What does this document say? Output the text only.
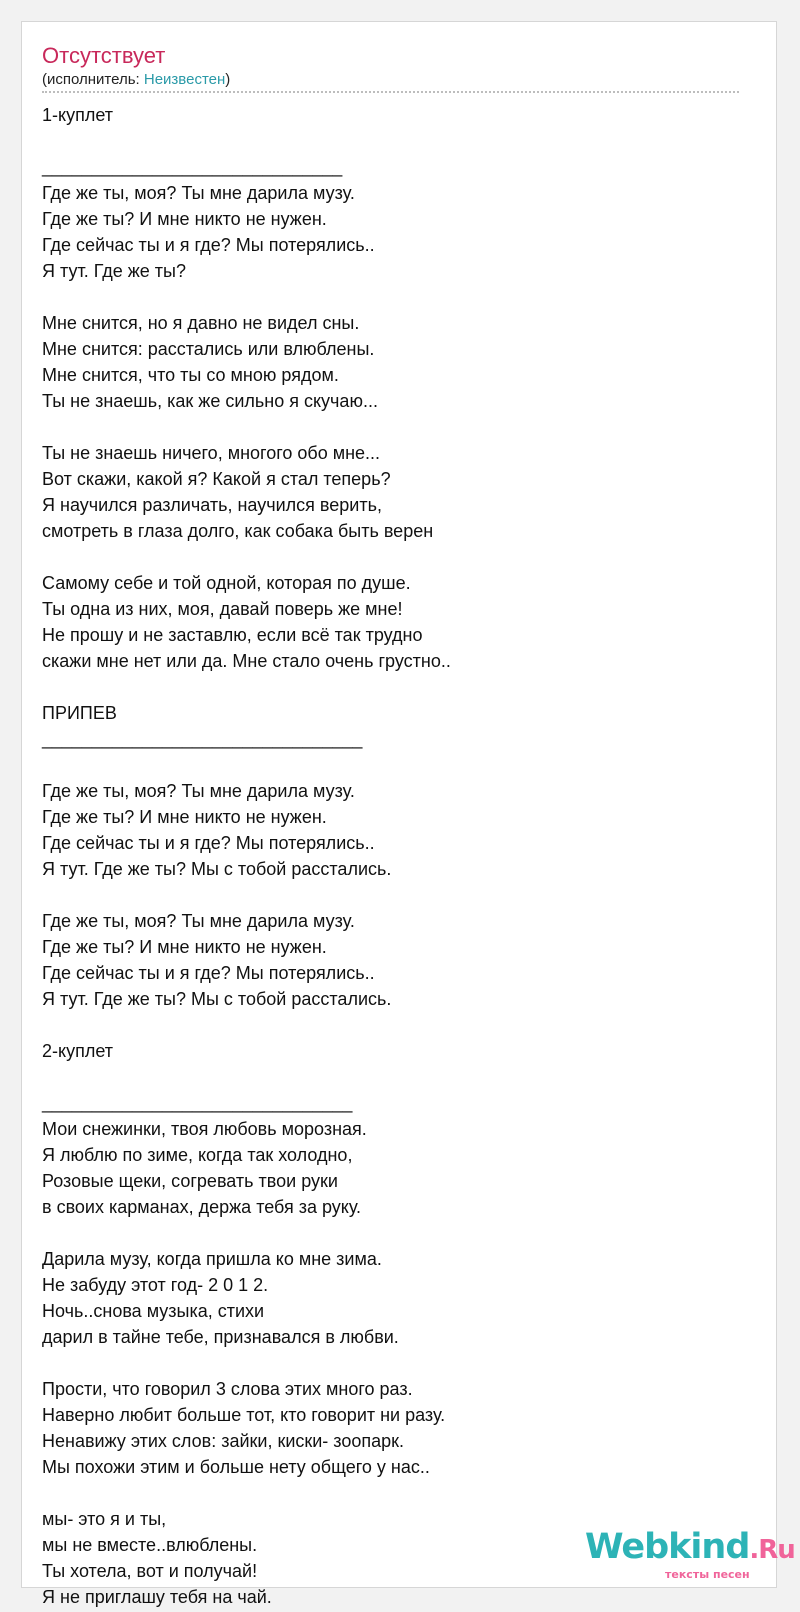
Отсутствует
(исполнитель: Неизвестен)
1-куплет
______________________________
Где же ты, моя? Ты мне дарила музу.
Где же ты? И мне никто не нужен.
Где сейчас ты и я где? Мы потерялись..
Я тут. Где же ты?
Мне снится, но я давно не видел сны.
Мне снится: расстались или влюблены.
Мне снится, что ты со мною рядом.
Ты не знаешь, как же сильно я скучаю...
Ты не знаешь ничего, многого обо мне...
Вот скажи, какой я? Какой я стал теперь?
Я научился различать, научился верить,
смотреть в глаза долго, как собака быть верен
Самому себе и той одной, которая по душе.
Ты одна из них, моя, давай поверь же мне!
Не прошу и не заставлю, если всё так трудно
скажи мне нет или да. Мне стало очень грустно..
ПРИПЕВ
________________________________
Где же ты, моя? Ты мне дарила музу.
Где же ты? И мне никто не нужен.
Где сейчас ты и я где? Мы потерялись..
Я тут. Где же ты? Мы с тобой расстались.
Где же ты, моя? Ты мне дарила музу.
Где же ты? И мне никто не нужен.
Где сейчас ты и я где? Мы потерялись..
Я тут. Где же ты? Мы с тобой расстались.
2-куплет
_______________________________
Мои снежинки, твоя любовь морозная.
Я люблю по зиме, когда так холодно,
Розовые щеки, согревать твои руки
в своих карманах, держа тебя за руку.
Дарила музу, когда пришла ко мне зима.
Не забуду этот год- 2 0 1 2.
Ночь..снова музыка, стихи
дарил в тайне тебе, признавался в любви.
Прости, что говорил 3 слова этих много раз.
Наверно любит больше тот, кто говорит ни разу.
Ненавижу этих слов: зайки, киски- зоопарк.
Мы похожи этим и больше нету общего у нас..
мы- это я и ты,
мы не вместе..влюблены.
Ты хотела, вот и получай!
Я не приглашу тебя на чай.
Webkind.Ru
тексты песен
